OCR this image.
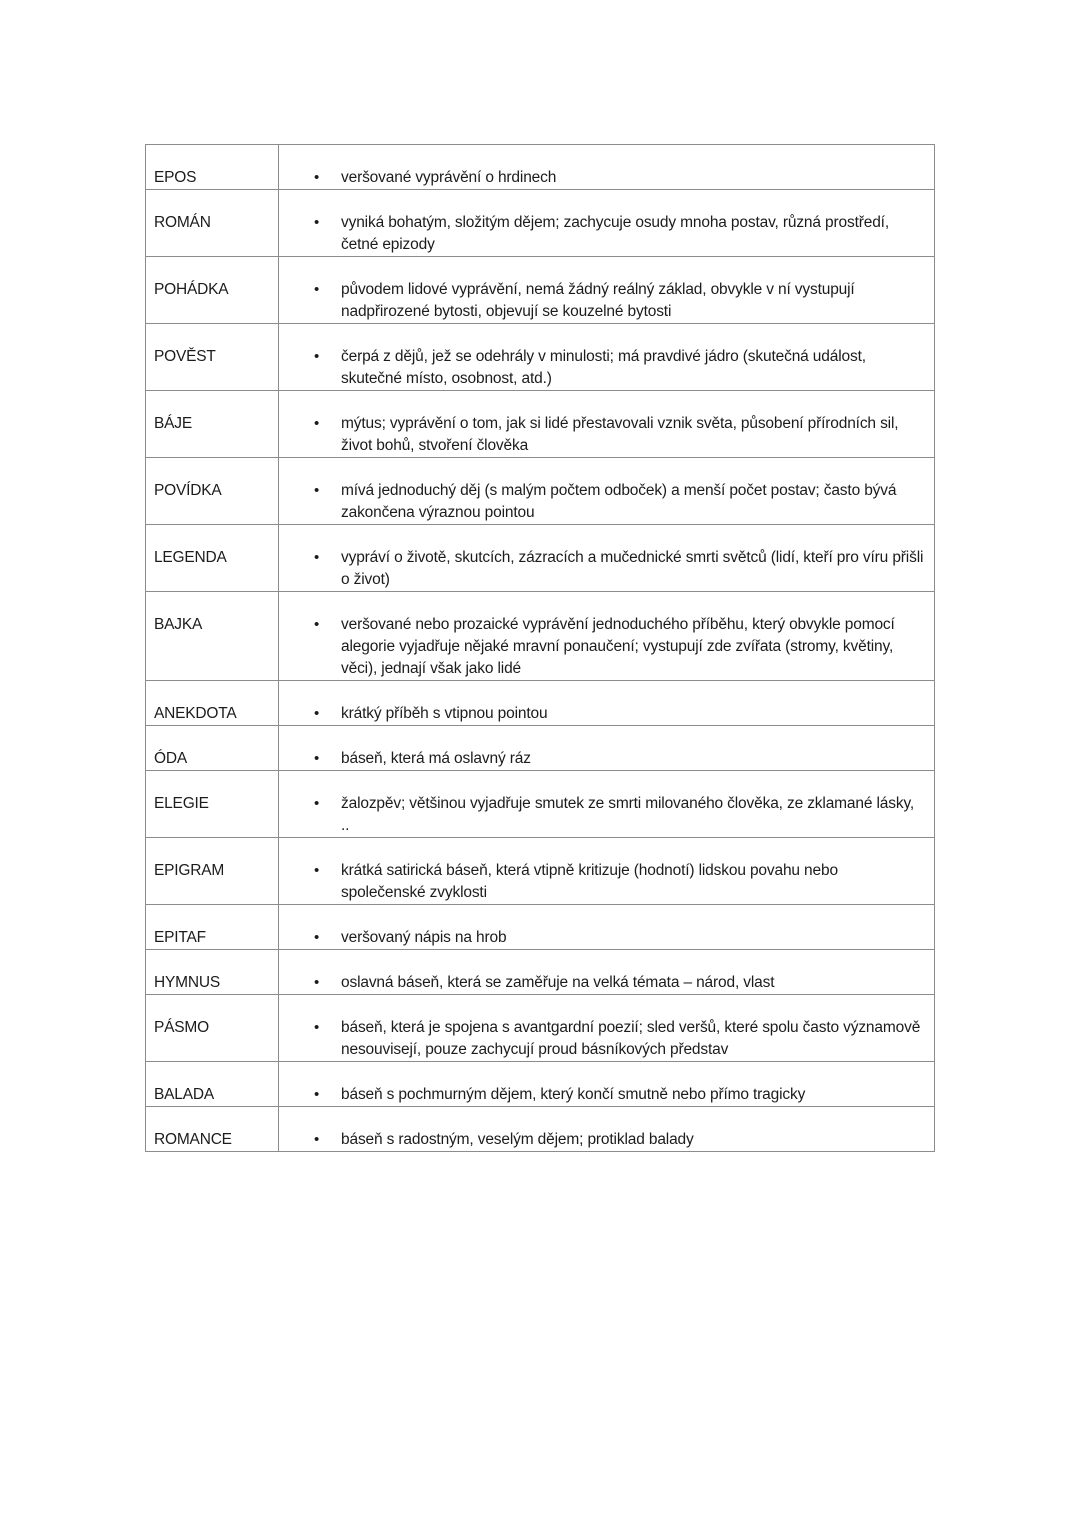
EPOS	• veršované vyprávění o hrdinech

ROMÁN	• vyniká bohatým, složitým dějem; zachycuje osudy mnoha postav, různá prostředí, četné epizody

POHÁDKA	• původem lidové vyprávění, nemá žádný reálný základ, obvykle v ní vystupují nadpřirozené bytosti, objevují se kouzelné bytosti

POVĚST	• čerpá z dějů, jež se odehrály v minulosti; má pravdivé jádro (skutečná událost, skutečné místo, osobnost, atd.)

BÁJE	• mýtus; vyprávění o tom, jak si lidé přestavovali vznik světa, působení přírodních sil, život bohů, stvoření člověka

POVÍDKA	• mívá jednoduchý děj (s malým počtem odboček) a menší počet postav; často bývá zakončena výraznou pointou

LEGENDA	• vypráví o životě, skutcích, zázracích a mučednické smrti světců (lidí, kteří pro víru přišli o život)

BAJKA	• veršované nebo prozaické vyprávění jednoduchého příběhu, který obvykle pomocí alegorie vyjadřuje nějaké mravní ponaučení; vystupují zde zvířata (stromy, květiny, věci), jednají však jako lidé

ANEKDOTA	• krátký příběh s vtipnou pointou

ÓDA	• báseň, která má oslavný ráz

ELEGIE	• žalozpěv; většinou vyjadřuje smutek ze smrti milovaného člověka, ze zklamané lásky, ..

EPIGRAM	• krátká satirická báseň, která vtipně kritizuje (hodnotí) lidskou povahu nebo společenské zvyklosti

EPITAF	• veršovaný nápis na hrob

HYMNUS	• oslavná báseň, která se zaměřuje na velká témata – národ, vlast

PÁSMO	• báseň, která je spojena s avantgardní poezií; sled veršů, které spolu často významově nesouvisejí, pouze zachycují proud básníkových představ

BALADA	• báseň s pochmurným dějem, který končí smutně nebo přímo tragicky

ROMANCE	• báseň s radostným, veselým dějem; protiklad balady
